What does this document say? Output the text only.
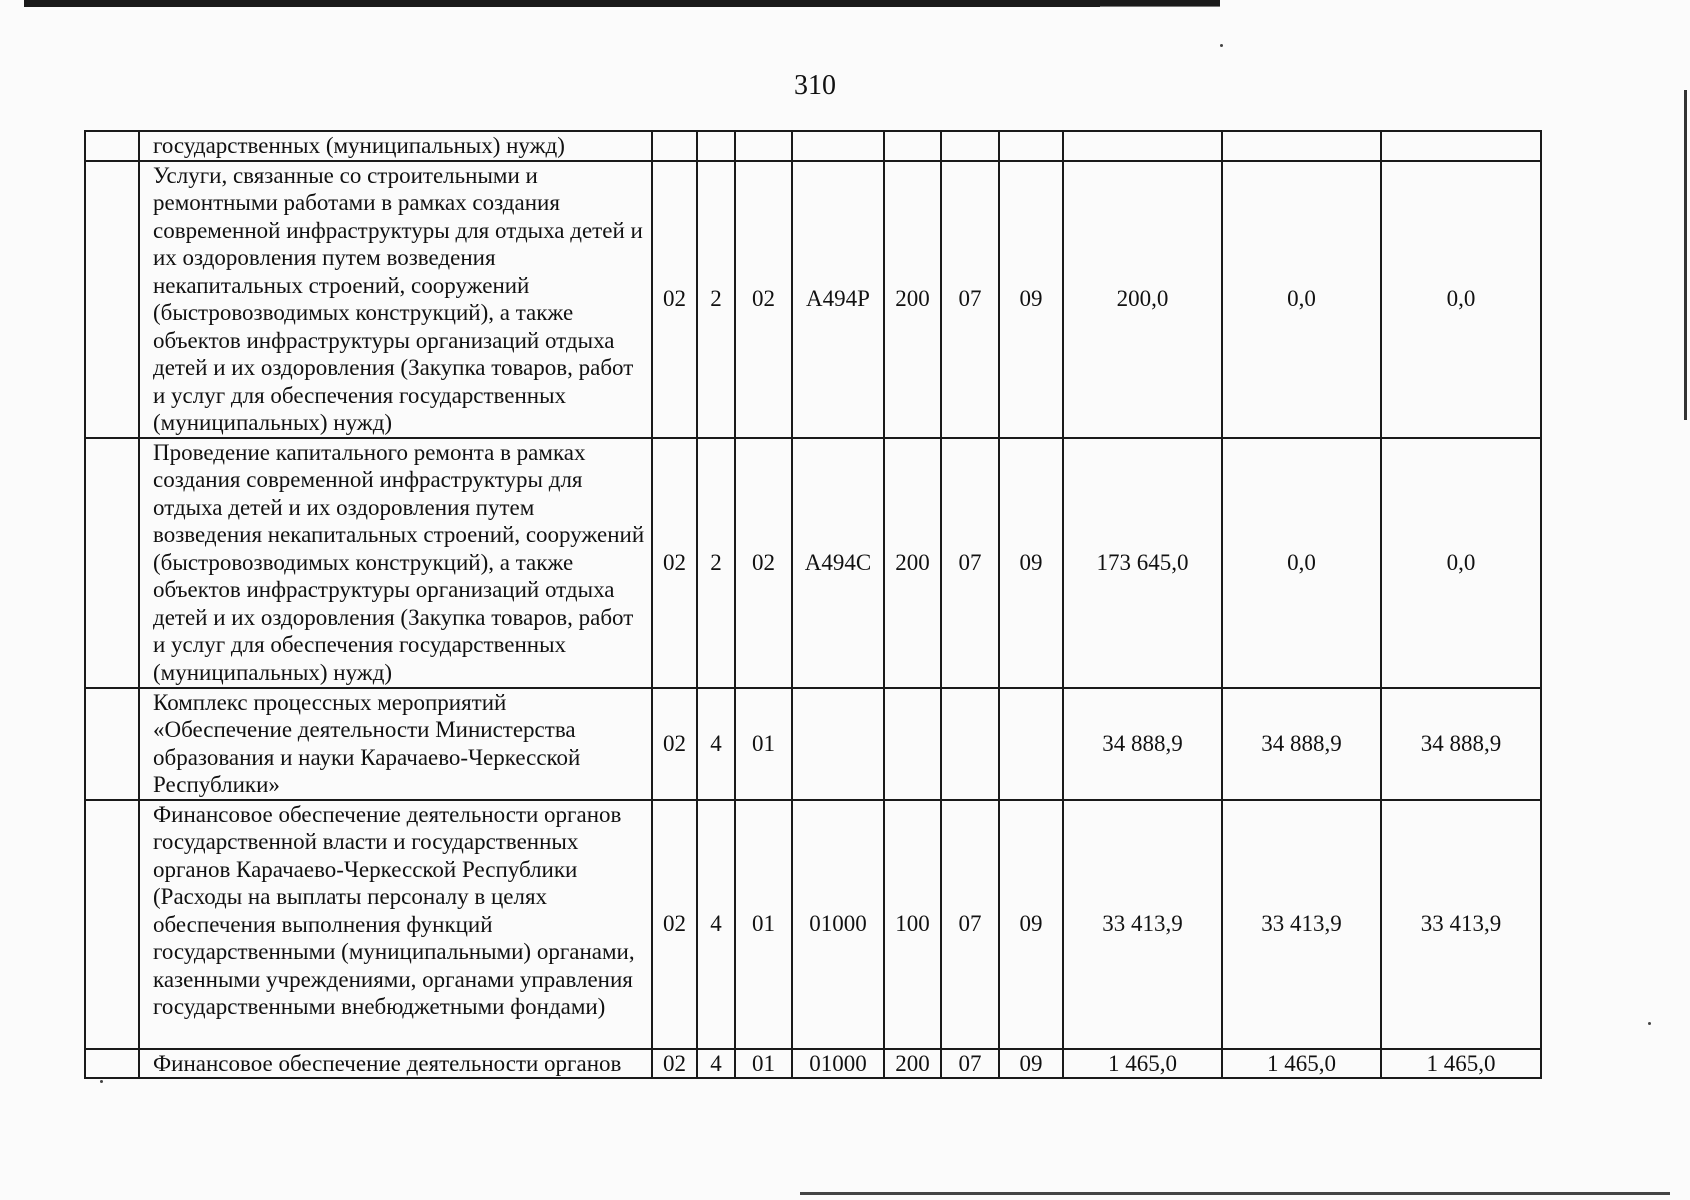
310
	государственных (муниципальных) нужд)										
	Услуги, связанные со строительными и ремонтными работами в рамках создания современной инфраструктуры для отдыха детей и их оздоровления путем возведения некапитальных строений, сооружений (быстровозводимых конструкций), а также объектов инфраструктуры организаций отдыха детей и их оздоровления (Закупка товаров, работ и услуг для обеспечения государственных (муниципальных) нужд)	02	2	02	А494Р	200	07	09	200,0	0,0	0,0
	Проведение капитального ремонта в рамках создания современной инфраструктуры для отдыха детей и их оздоровления путем возведения некапитальных строений, сооружений (быстровозводимых конструкций), а также объектов инфраструктуры организаций отдыха детей и их оздоровления (Закупка товаров, работ и услуг для обеспечения государственных (муниципальных) нужд)	02	2	02	А494С	200	07	09	173 645,0	0,0	0,0
	Комплекс процессных мероприятий «Обеспечение деятельности Министерства образования и науки Карачаево-Черкесской Республики»	02	4	01					34 888,9	34 888,9	34 888,9
	Финансовое обеспечение деятельности органов государственной власти и государственных органов Карачаево-Черкесской Республики (Расходы на выплаты персоналу в целях обеспечения выполнения функций государственными (муниципальными) органами, казенными учреждениями, органами управления государственными внебюджетными фондами)	02	4	01	01000	100	07	09	33 413,9	33 413,9	33 413,9
	Финансовое обеспечение деятельности органов	02	4	01	01000	200	07	09	1 465,0	1 465,0	1 465,0
